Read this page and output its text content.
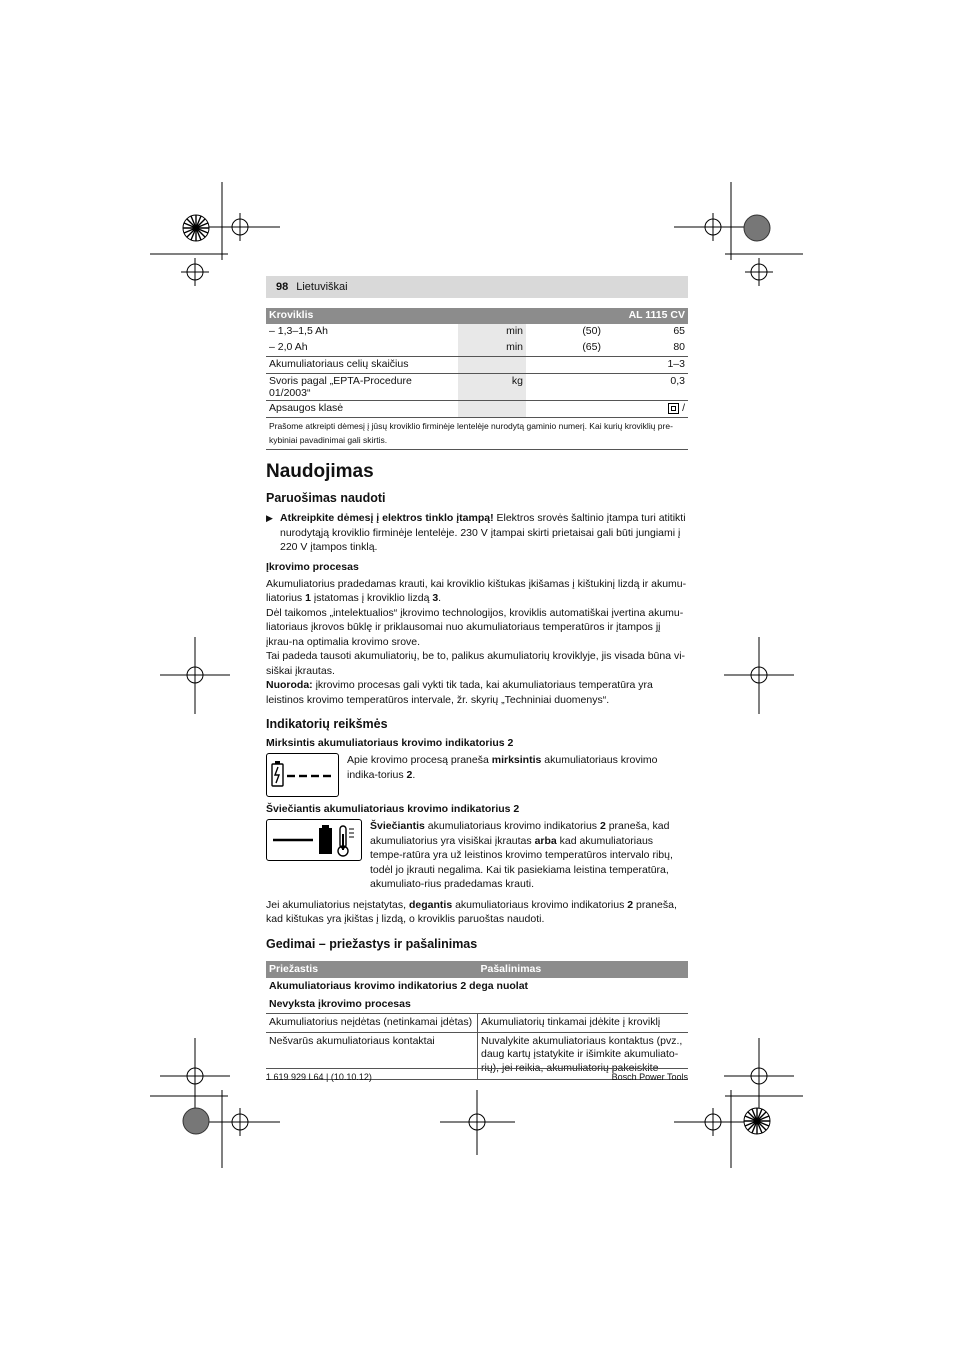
98 Lietuviškai
Kroviklis			AL 1115 CV
– 1,3–1,5 Ah	min	(50)	65
– 2,0 Ah	min	(65)	80
Akumuliatoriaus celių skaičius			1–3
Svoris pagal „EPTA-Procedure 01/2003“	kg		0,3
Apsaugos klasė			/
Prašome atkreipti dėmesį į jūsų kroviklio firminėje lentelėje nurodytą gaminio numerį. Kai kurių kroviklių pre-kybiniai pavadinimai gali skirtis.			
Naudojimas
Paruošimas naudoti
▶ Atkreipkite dėmesį į elektros tinklo įtampą! Elektros srovės šaltinio įtampa turi atitikti nurodytąją kroviklio firminėje lentelėje. 230 V įtampai skirti prietaisai gali būti jungiami į 220 V įtampos tinklą.
Įkrovimo procesas

Akumuliatorius pradedamas krauti, kai kroviklio kištukas įkišamas į kištukinį lizdą ir akumu-liatorius 1 įstatomas į kroviklio lizdą 3.

Dėl taikomos „intelektualios“ įkrovimo technologijos, kroviklis automatiškai įvertina akumu-liatoriaus įkrovos būklę ir priklausomai nuo akumuliatoriaus temperatūros ir įtampos jį įkrau-na optimalia krovimo srove.

Tai padeda tausoti akumuliatorių, be to, palikus akumuliatorių kroviklyje, jis visada būna vi-siškai įkrautas.

Nuoroda: įkrovimo procesas gali vykti tik tada, kai akumuliatoriaus temperatūra yra leistinos krovimo temperatūros intervale, žr. skyrių „Techniniai duomenys“.

Indikatorių reikšmės
Mirksintis akumuliatoriaus krovimo indikatorius 2
Apie krovimo procesą praneša mirksintis akumuliatoriaus krovimo indika-torius 2.
Šviečiantis akumuliatoriaus krovimo indikatorius 2
Šviečiantis akumuliatoriaus krovimo indikatorius 2 praneša, kad akumuliatorius yra visiškai įkrautas arba kad akumuliatoriaus tempe-ratūra yra už leistinos krovimo temperatūros intervalo ribų, todėl jo įkrauti negalima. Kai tik pasiekiama leistina temperatūra, akumuliato-rius pradedamas krauti.

Jei akumuliatorius neįstatytas, degantis akumuliatoriaus krovimo indikatorius 2 praneša, kad kištukas yra įkištas į lizdą, o kroviklis paruoštas naudoti.

Gedimai – priežastys ir pašalinimas
Priežastis	Pašalinimas
Akumuliatoriaus krovimo indikatorius 2 dega nuolat	
Nevyksta įkrovimo procesas	
Akumuliatorius neįdėtas (netinkamai įdėtas)	Akumuliatorių tinkamai įdėkite į kroviklį
Nešvarūs akumuliatoriaus kontaktai	Nuvalykite akumuliatoriaus kontaktus (pvz., daug kartų įstatykite ir išimkite akumuliato-rių), jei reikia, akumuliatorių pakeiskite
1 619 929 L64 | (10.10.12)	Bosch Power Tools
